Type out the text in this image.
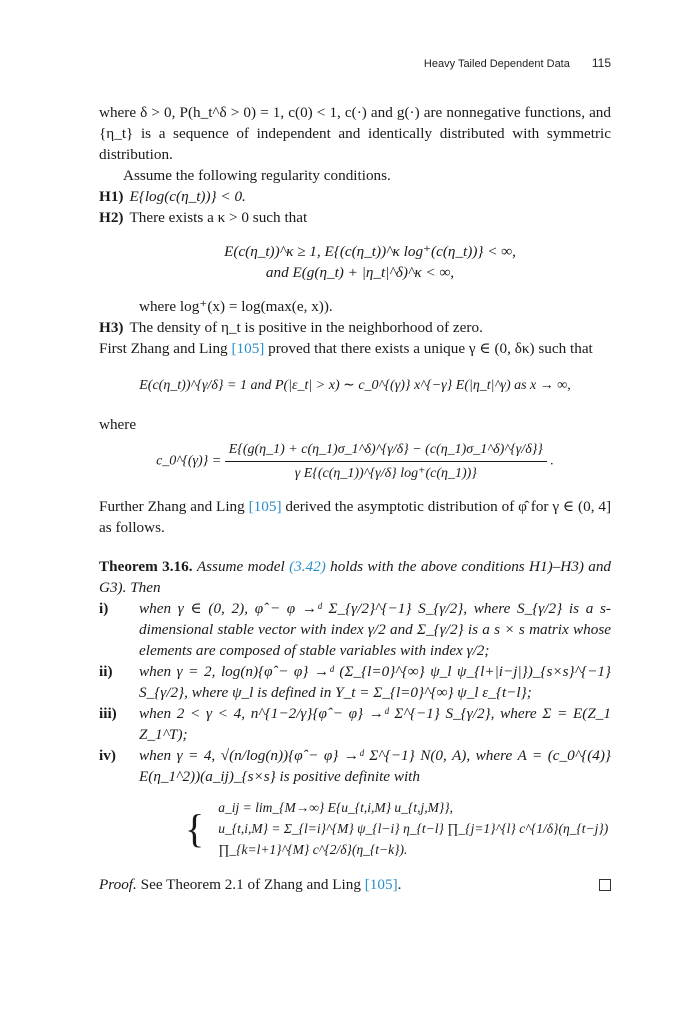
Heavy Tailed Dependent Data 115

where δ > 0, P(h_t^δ > 0) = 1, c(0) < 1, c(·) and g(·) are nonnegative functions, and {η_t} is a sequence of independent and identically distributed with symmetric distribution.

Assume the following regularity conditions.

H1) E{log(c(η_t))} < 0.

H2) There exists a κ > 0 such that

E(c(η_t))^κ ≥ 1, E{(c(η_t))^κ log⁺(c(η_t))} < ∞,

and E(g(η_t) + |η_t|^δ)^κ < ∞,

where log⁺(x) = log(max(e, x)).

H3) The density of η_t is positive in the neighborhood of zero.

First Zhang and Ling [105] proved that there exists a unique γ ∈ (0, δκ) such that

E(c(η_t))^{γ/δ} = 1 and P(|ε_t| > x) ∼ c_0^{(γ)} x^{−γ} E(|η_t|^γ) as x → ∞,

where

c_0^{(γ)} = $\frac{E\{(g(\eta\_1) + c(\eta\_1)\sigma\_1\^{}\delta)\^{}\{\gamma/\delta\} - (c(\eta\_1)\sigma\_1\^{}\delta)\^{}\{\gamma/\delta\}\}}{\text{γ E\{(c(η\_1))\textasciicircum{}\{γ/δ\} log⁺(c(η\_1))\}}}$ .

Further Zhang and Ling [105] derived the asymptotic distribution of φ̂ for γ ∈ (0, 4] as follows.

Theorem 3.16. Assume model (3.42) holds with the above conditions H1)–H3) and G3). Then

i)	when γ ∈ (0, 2), φ̂ − φ →ᵈ Σ_{γ/2}^{−1} S_{γ/2}, where S_{γ/2} is a s-dimensional stable vector with index γ/2 and Σ_{γ/2} is a s × s matrix whose elements are composed of stable variables with index γ/2;
ii)	when γ = 2, log(n){φ̂ − φ} →ᵈ (Σ_{l=0}^{∞} ψ_l ψ_{l+|i−j|})_{s×s}^{−1} S_{γ/2}, where ψ_l is defined in Y_t = Σ_{l=0}^{∞} ψ_l ε_{t−l};
iii)	when 2 < γ < 4, n^{1−2/γ}{φ̂ − φ} →ᵈ Σ^{−1} S_{γ/2}, where Σ = E(Z_1 Z_1^T);
iv)	when γ = 4, √(n/log(n)){φ̂ − φ} →ᵈ Σ^{−1} N(0, A), where A = (c_0^{(4)} E(η_1^2))(a_ij)_{s×s} is positive definite with
{ a_ij = lim_{M→∞} E{u_{t,i,M} u_{t,j,M}},
u_{t,i,M} = Σ_{l=i}^{M} ψ_{l−i} η_{t−l} ∏_{j=1}^{l} c^{1/δ}(η_{t−j}) ∏_{k=l+1}^{M} c^{2/δ}(η_{t−k}).
Proof. See Theorem 2.1 of Zhang and Ling [105].
